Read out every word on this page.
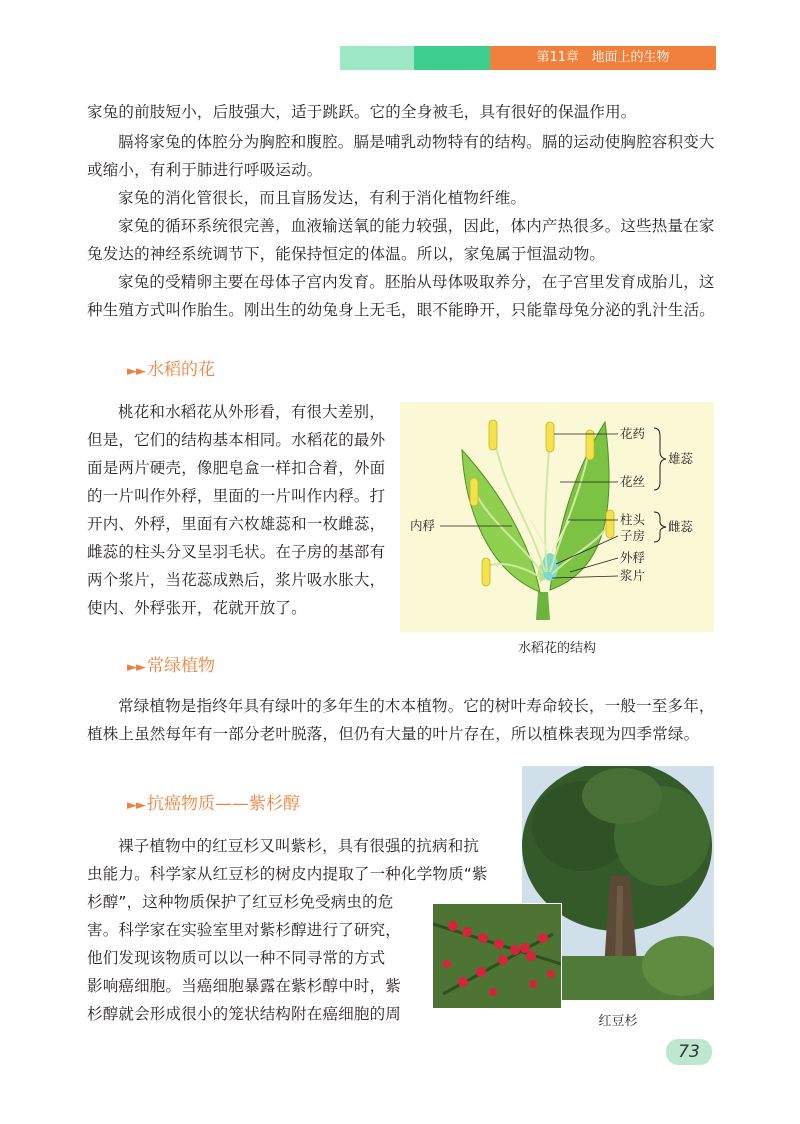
第11章 地面上的生物

家兔的前肢短小，后肢强大，适于跳跃。它的全身被毛，具有很好的保温作用。

膈将家兔的体腔分为胸腔和腹腔。膈是哺乳动物特有的结构。膈的运动使胸腔容积变大或缩小，有利于肺进行呼吸运动。

家兔的消化管很长，而且盲肠发达，有利于消化植物纤维。

家兔的循环系统很完善，血液输送氧的能力较强，因此，体内产热很多。这些热量在家兔发达的神经系统调节下，能保持恒定的体温。所以，家兔属于恒温动物。

家兔的受精卵主要在母体子宫内发育。胚胎从母体吸取养分，在子宫里发育成胎儿，这种生殖方式叫作胎生。刚出生的幼兔身上无毛，眼不能睁开，只能靠母兔分泌的乳汁生活。

►► 水稻的花

桃花和水稻花从外形看，有很大差别，但是，它们的结构基本相同。水稻花的最外面是两片硬壳，像肥皂盒一样扣合着，外面的一片叫作外稃，里面的一片叫作内稃。打开内、外稃，里面有六枚雄蕊和一枚雌蕊，雌蕊的柱头分叉呈羽毛状。在子房的基部有两个浆片，当花蕊成熟后，浆片吸水胀大，使内、外稃张开，花就开放了。

花药
花丝
雄蕊
柱头
子房
雌蕊
外稃
浆片
内稃
水稻花的结构
►► 常绿植物

常绿植物是指终年具有绿叶的多年生的木本植物。它的树叶寿命较长，一般一至多年，植株上虽然每年有一部分老叶脱落，但仍有大量的叶片存在，所以植株表现为四季常绿。

►► 抗癌物质——紫杉醇
裸子植物中的红豆杉又叫紫杉，具有很强的抗病和抗
虫能力。科学家从红豆杉的树皮内提取了一种化学物质“紫
杉醇”，这种物质保护了红豆杉免受病虫的危
害。科学家在实验室里对紫杉醇进行了研究，
他们发现该物质可以以一种不同寻常的方式
影响癌细胞。当癌细胞暴露在紫杉醇中时，紫
杉醇就会形成很小的笼状结构附在癌细胞的周	红豆杉
73
